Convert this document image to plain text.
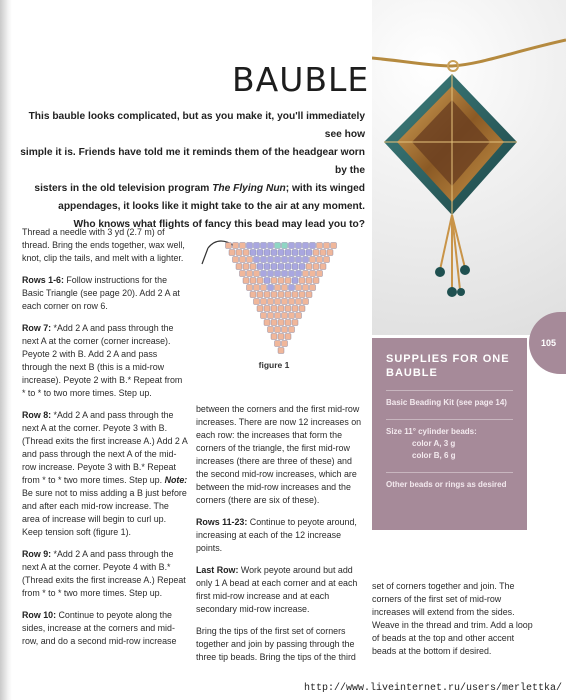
BAUBLE
This bauble looks complicated, but as you make it, you'll immediately see how
simple it is. Friends have told me it reminds them of the headgear worn by the
sisters in the old television program The Flying Nun; with its winged
appendages, it looks like it might take to the air at any moment.
Who knows what flights of fancy this bead may lead you to?

Thread a needle with 3 yd (2.7 m) of thread. Bring the ends together, wax well, knot, clip the tails, and melt with a lighter.

Rows 1-6: Follow instructions for the Basic Triangle (see page 20). Add 2 A at each corner on row 6.

Row 7: *Add 2 A and pass through the next A at the corner (corner increase). Peyote 2 with B. Add 2 A and pass through the next B (this is a mid-row increase). Peyote 2 with B.* Repeat from * to * to two more times. Step up.

Row 8: *Add 2 A and pass through the next A at the corner. Peyote 3 with B. (Thread exits the first increase A.) Add 2 A and pass through the next A of the mid-row increase. Peyote 3 with B.* Repeat from * to * two more times. Step up. Note: Be sure not to miss adding a B just before and after each mid-row increase. The area of increase will begin to curl up. Keep tension soft (figure 1).

Row 9: *Add 2 A and pass through the next A at the corner. Peyote 4 with B.* (Thread exits the first increase A.) Repeat from * to * two more times. Step up.

Row 10: Continue to peyote along the sides, increase at the corners and mid-row, and do a second mid-row increase

figure 1

between the corners and the first mid-row increases. There are now 12 increases on each row: the increases that form the corners of the triangle, the first mid-row increases (there are three of these) and the second mid-row increases, which are between the mid-row increases and the corners (there are six of these).

Rows 11-23: Continue to peyote around, increasing at each of the 12 increase points.

Last Row: Work peyote around but add only 1 A bead at each corner and at each first mid-row increase and at each secondary mid-row increase.

Bring the tips of the first set of corners together and join by passing through the three tip beads. Bring the tips of the third

set of corners together and join. The corners of the first set of mid-row increases will extend from the sides. Weave in the thread and trim. Add a loop of beads at the top and other accent beads at the bottom if desired.

SUPPLIES FOR ONE BAUBLE
Basic Beading Kit (see page 14)
Size 11° cylinder beads:
color A, 3 g
color B, 6 g
Other beads or rings as desired
105
http://www.liveinternet.ru/users/merlettka/
